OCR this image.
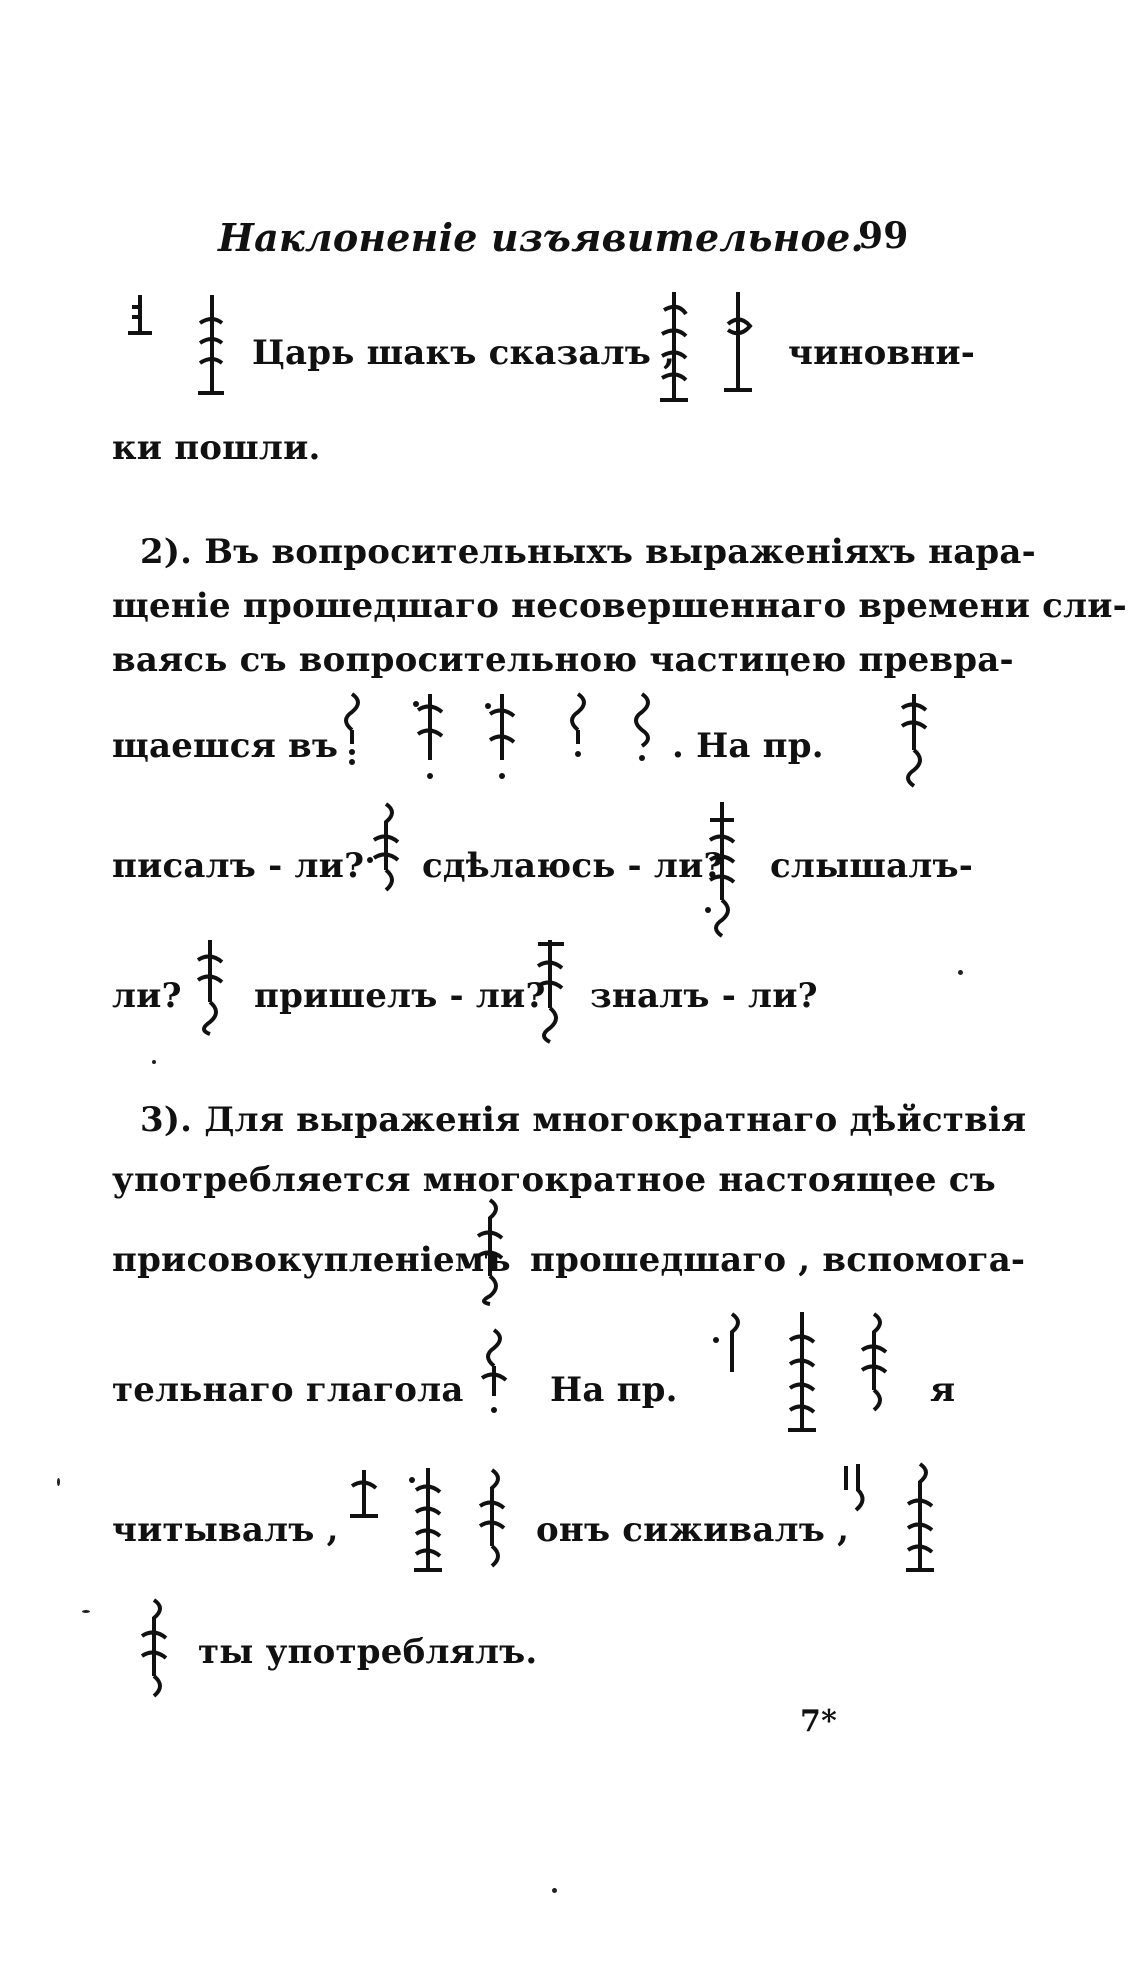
Наклоненіе изъявительное.
99
Царь шакъ сказалъ ,	чиновни-
ки пошли.
2). Въ вопросительныхъ выраженіяхъ нара-
щеніе прошедшаго несовершеннаго времени сли-
ваясь съ вопросительною частицею превра-
щаешся въ	. На пр.
писалъ - ли? сдѣлаюсь - ли? слышалъ-
ли? пришелъ - ли? зналъ - ли?
3). Для выраженія многократнаго дѣйствія
употребляется многократное настоящее съ
присовокупленіемъ прошедшаго , вспомога-
тельнаго глагола	На пр.	я
читывалъ ,	онъ сиживалъ ,
ты употреблялъ.
7*
